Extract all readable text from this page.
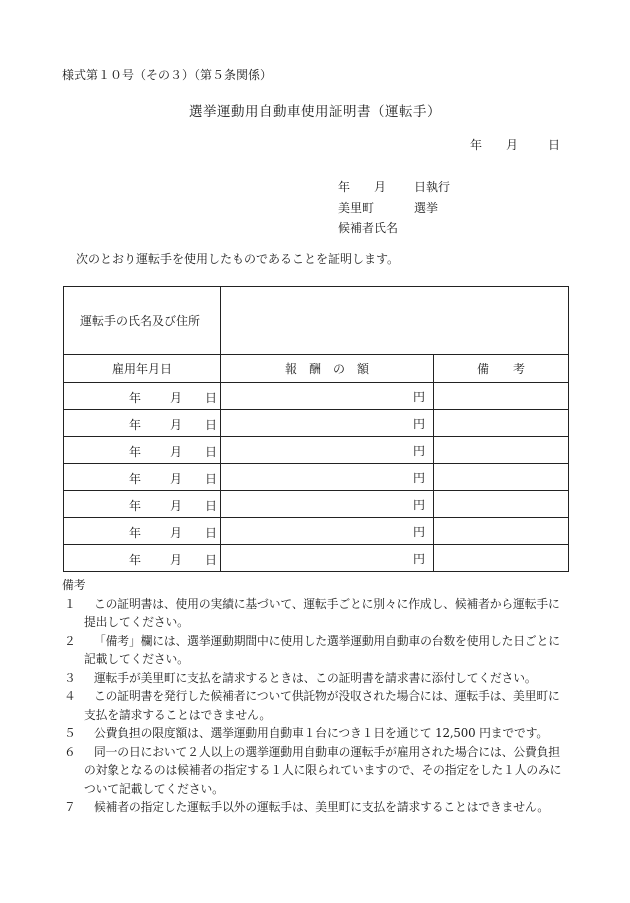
様式第１０号（その３）（第５条関係）
選挙運動用自動車使用証明書（運転手）
年 月 日
年 月 日執行
美里町	選挙
候補者氏名
次のとおり運転手を使用したものであることを証明します。
運転手の氏名及び住所		
雇用年月日	報　酬　の　額	備　　考

年 月 日	円	

年 月 日	円	

年 月 日	円	

年 月 日	円	

年 月 日	円	

年 月 日	円	

年 月 日	円	
備考
１	この証明書は、使用の実績に基づいて、運転手ごとに別々に作成し、候補者から運転手に提出してください。
２	「備考」欄には、選挙運動期間中に使用した選挙運動用自動車の台数を使用した日ごとに記載してください。
３	運転手が美里町に支払を請求するときは、この証明書を請求書に添付してください。
４	この証明書を発行した候補者について供託物が没収された場合には、運転手は、美里町に支払を請求することはできません。
５	公費負担の限度額は、選挙運動用自動車１台につき１日を通じて 12,500 円までです。
６	同一の日において２人以上の選挙運動用自動車の運転手が雇用された場合には、公費負担の対象となるのは候補者の指定する１人に限られていますので、その指定をした１人のみについて記載してください。
７	候補者の指定した運転手以外の運転手は、美里町に支払を請求することはできません。
